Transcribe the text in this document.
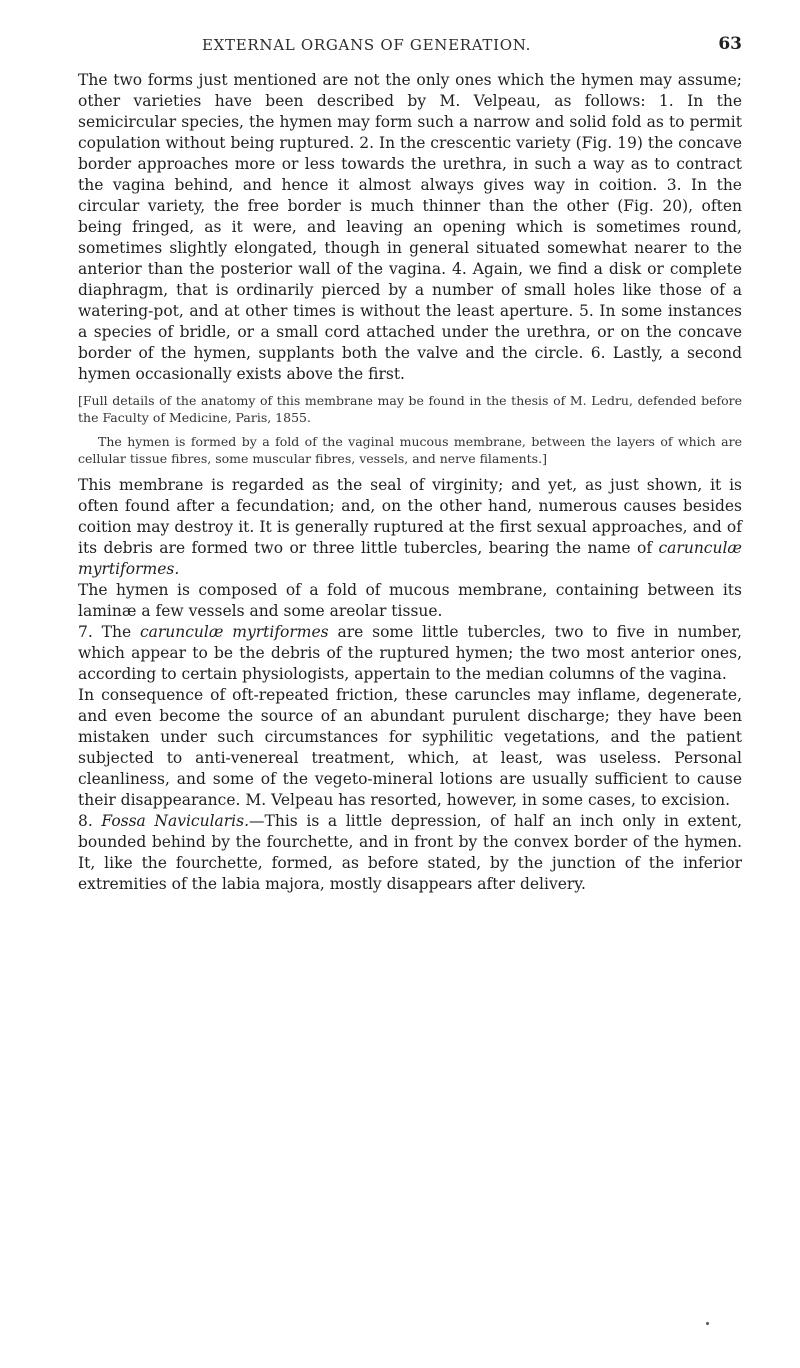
EXTERNAL ORGANS OF GENERATION.	63

The two forms just mentioned are not the only ones which the hymen may assume; other varieties have been described by M. Velpeau, as follows: 1. In the semicircular species, the hymen may form such a narrow and solid fold as to permit copulation without being ruptured. 2. In the crescentic variety (Fig. 19) the concave border approaches more or less towards the urethra, in such a way as to contract the vagina behind, and hence it almost always gives way in coition. 3. In the circular variety, the free border is much thinner than the other (Fig. 20), often being fringed, as it were, and leaving an opening which is sometimes round, sometimes slightly elongated, though in general situated somewhat nearer to the anterior than the posterior wall of the vagina. 4. Again, we find a disk or complete diaphragm, that is ordinarily pierced by a number of small holes like those of a watering-pot, and at other times is without the least aperture. 5. In some instances a species of bridle, or a small cord attached under the urethra, or on the concave border of the hymen, supplants both the valve and the circle. 6. Lastly, a second hymen occasionally exists above the first.

[Full details of the anatomy of this membrane may be found in the thesis of M. Ledru, defended before the Faculty of Medicine, Paris, 1855.

The hymen is formed by a fold of the vaginal mucous membrane, between the layers of which are cellular tissue fibres, some muscular fibres, vessels, and nerve filaments.]

This membrane is regarded as the seal of virginity; and yet, as just shown, it is often found after a fecundation; and, on the other hand, numerous causes besides coition may destroy it. It is generally ruptured at the first sexual approaches, and of its debris are formed two or three little tubercles, bearing the name of carunculæ myrtiformes.

The hymen is composed of a fold of mucous membrane, containing between its laminæ a few vessels and some areolar tissue.

7. The carunculæ myrtiformes are some little tubercles, two to five in number, which appear to be the debris of the ruptured hymen; the two most anterior ones, according to certain physiologists, appertain to the median columns of the vagina.

In consequence of oft-repeated friction, these caruncles may inflame, degenerate, and even become the source of an abundant purulent discharge; they have been mistaken under such circumstances for syphilitic vegetations, and the patient subjected to anti-venereal treatment, which, at least, was useless. Personal cleanliness, and some of the vegeto-mineral lotions are usually sufficient to cause their disappearance. M. Velpeau has resorted, however, in some cases, to excision.

8. Fossa Navicularis.—This is a little depression, of half an inch only in extent, bounded behind by the fourchette, and in front by the convex border of the hymen. It, like the fourchette, formed, as before stated, by the junction of the inferior extremities of the labia majora, mostly disappears after delivery.
